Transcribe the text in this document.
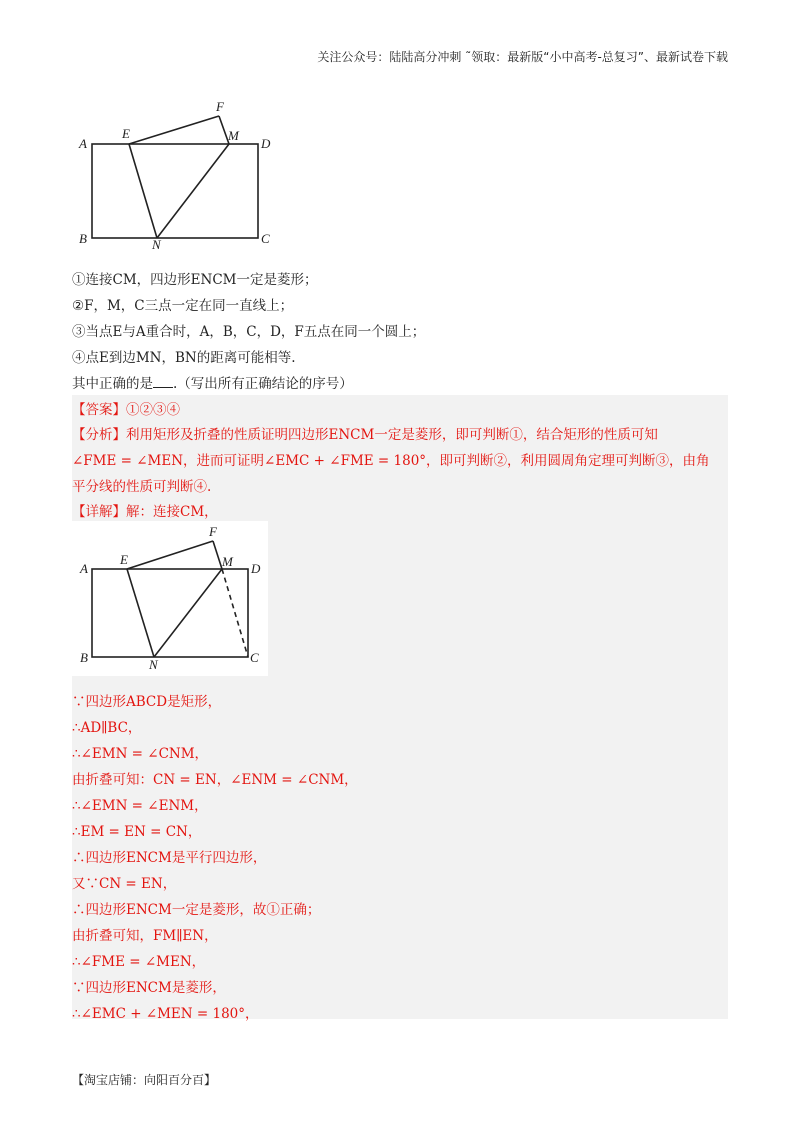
关注公众号：陆陆高分冲刺 ˜领取：最新版“小中高考-总复习”、最新试卷下载
A
B	C
D
E
F
M
N
①连接CM，四边形ENCM一定是菱形；
②F，M，C三点一定在同一直线上；
③当点E与A重合时，A，B，C，D，F五点在同一个圆上；
④点E到边MN，BN的距离可能相等.
其中正确的是 .（写出所有正确结论的序号）
【答案】①②③④
【分析】利用矩形及折叠的性质证明四边形ENCM一定是菱形，即可判断①，结合矩形的性质可知
∠FME = ∠MEN，进而可证明∠EMC + ∠FME = 180°，即可判断②，利用圆周角定理可判断③，由角
平分线的性质可判断④.
【详解】解：连接CM，
A
B	C
D
E
F
M
N
∵四边形ABCD是矩形，
∴AD∥BC，
∴∠EMN = ∠CNM，
由折叠可知：CN = EN，∠ENM = ∠CNM，
∴∠EMN = ∠ENM，
∴EM = EN = CN，
∴四边形ENCM是平行四边形，
又∵CN = EN，
∴四边形ENCM一定是菱形，故①正确；
由折叠可知，FM∥EN，
∴∠FME = ∠MEN，
∵四边形ENCM是菱形，
∴∠EMC + ∠MEN = 180°，
【淘宝店铺：向阳百分百】
